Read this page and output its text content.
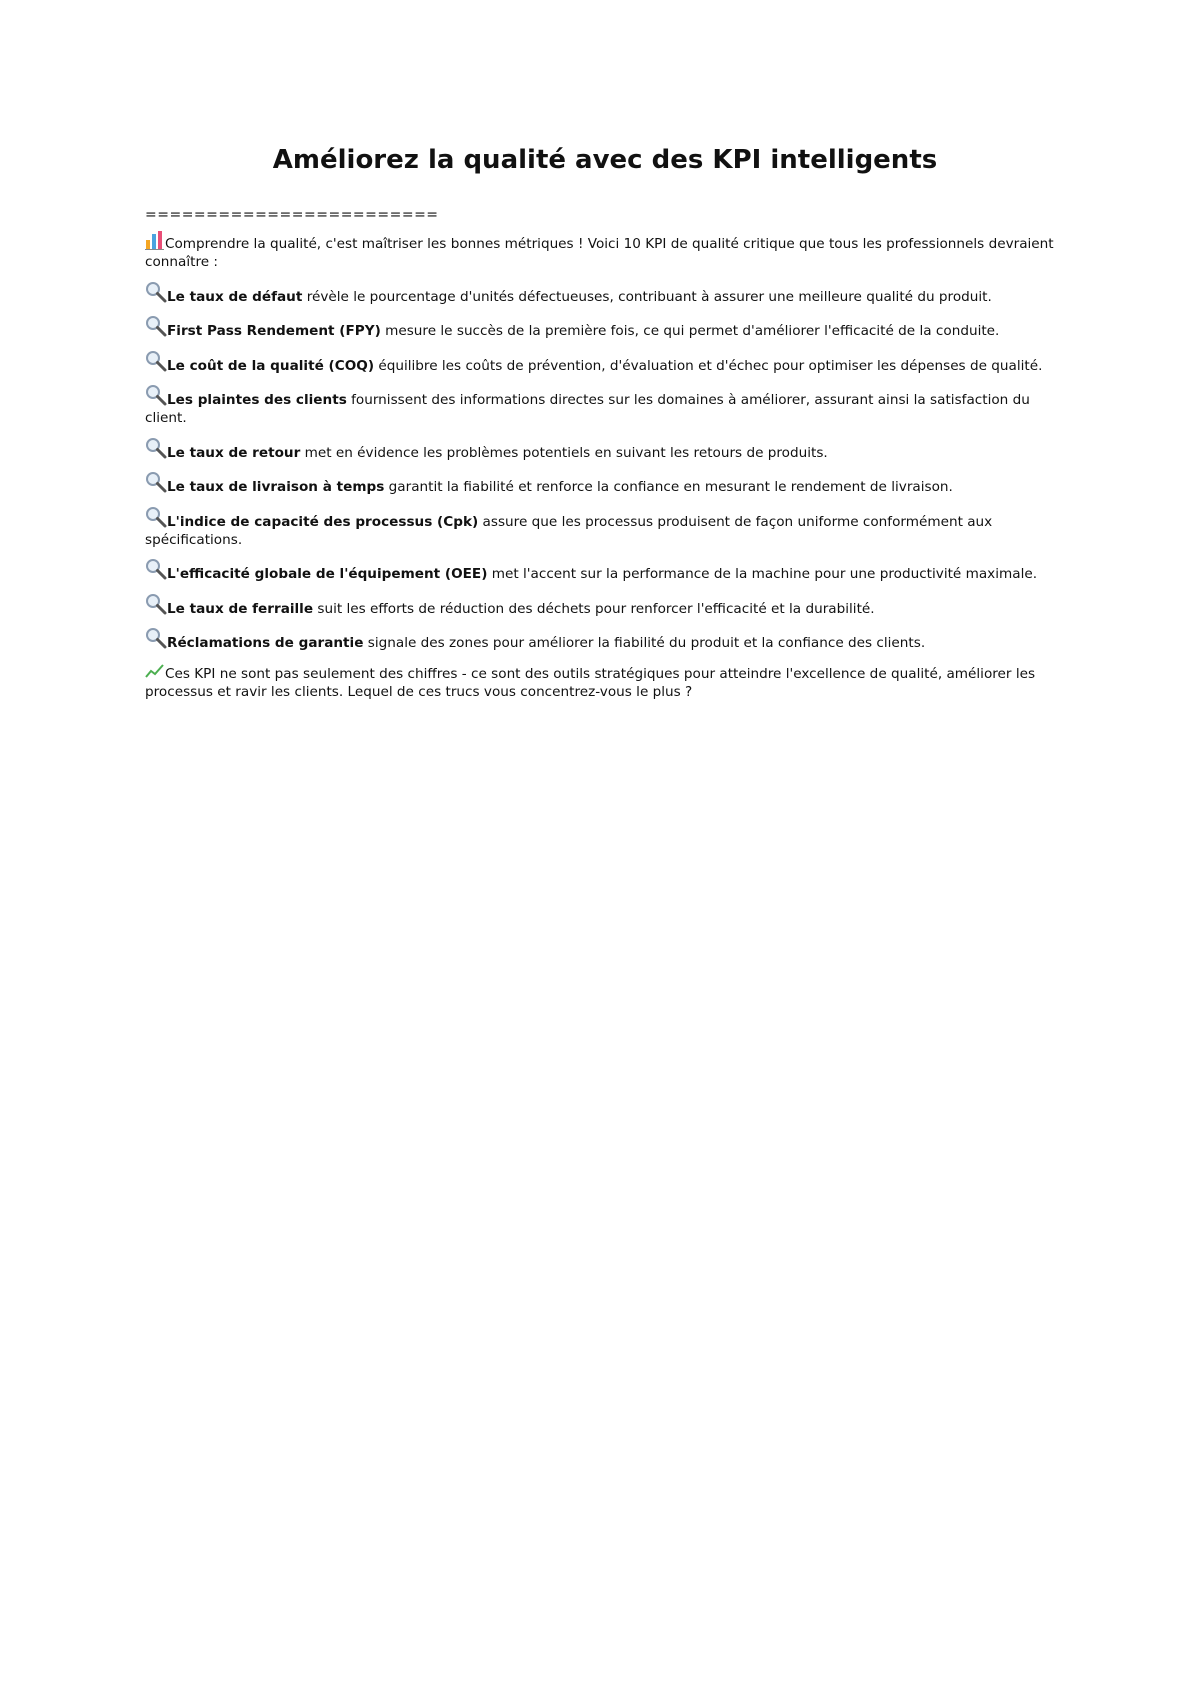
Améliorez la qualité avec des KPI intelligents
========================

Comprendre la qualité, c'est maîtriser les bonnes métriques ! Voici 10 KPI de qualité critique que tous les professionnels devraient connaître :

Le taux de défaut révèle le pourcentage d'unités défectueuses, contribuant à assurer une meilleure qualité du produit.

First Pass Rendement (FPY) mesure le succès de la première fois, ce qui permet d'améliorer l'efficacité de la conduite.

Le coût de la qualité (COQ) équilibre les coûts de prévention, d'évaluation et d'échec pour optimiser les dépenses de qualité.

Les plaintes des clients fournissent des informations directes sur les domaines à améliorer, assurant ainsi la satisfaction du client.

Le taux de retour met en évidence les problèmes potentiels en suivant les retours de produits.

Le taux de livraison à temps garantit la fiabilité et renforce la confiance en mesurant le rendement de livraison.

L'indice de capacité des processus (Cpk) assure que les processus produisent de façon uniforme conformément aux spécifications.

L'efficacité globale de l'équipement (OEE) met l'accent sur la performance de la machine pour une productivité maximale.

Le taux de ferraille suit les efforts de réduction des déchets pour renforcer l'efficacité et la durabilité.

Réclamations de garantie signale des zones pour améliorer la fiabilité du produit et la confiance des clients.

Ces KPI ne sont pas seulement des chiffres - ce sont des outils stratégiques pour atteindre l'excellence de qualité, améliorer les processus et ravir les clients. Lequel de ces trucs vous concentrez-vous le plus ?
